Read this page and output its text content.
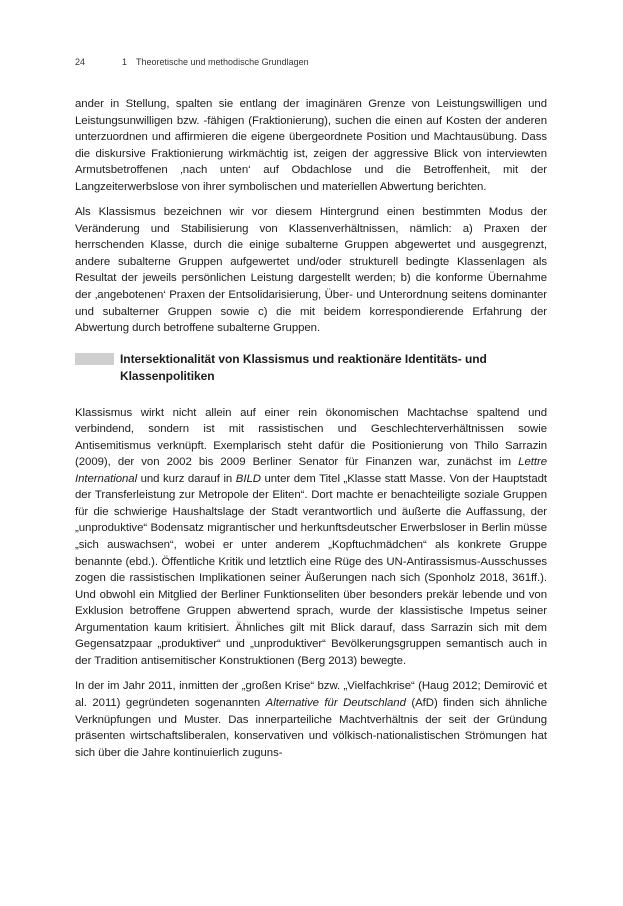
24	1 Theoretische und methodische Grundlagen

ander in Stellung, spalten sie entlang der imaginären Grenze von Leistungswilligen und Leistungsunwilligen bzw. -fähigen (Fraktionierung), suchen die einen auf Kosten der anderen unterzuordnen und affirmieren die eigene übergeordnete Position und Machtausübung. Dass die diskursive Fraktionierung wirkmächtig ist, zeigen der aggressive Blick von interviewten Armutsbetroffenen ‚nach unten‘ auf Obdachlose und die Betroffenheit, mit der Langzeiterwerbslose von ihrer symbolischen und materiellen Abwertung berichten.

Als Klassismus bezeichnen wir vor diesem Hintergrund einen bestimmten Modus der Veränderung und Stabilisierung von Klassenverhältnissen, nämlich: a) Praxen der herrschenden Klasse, durch die einige subalterne Gruppen abgewertet und ausgegrenzt, andere subalterne Gruppen aufgewertet und/oder strukturell bedingte Klassenlagen als Resultat der jeweils persönlichen Leistung dargestellt werden; b) die konforme Übernahme der ‚angebotenen‘ Praxen der Entsolidarisierung, Über- und Unterordnung seitens dominanter und subalterner Gruppen sowie c) die mit beidem korrespondierende Erfahrung der Abwertung durch betroffene subalterne Gruppen.

Intersektionalität von Klassismus und reaktionäre Identitäts- und Klassenpolitiken

Klassismus wirkt nicht allein auf einer rein ökonomischen Machtachse spaltend und verbindend, sondern ist mit rassistischen und Geschlechterverhältnissen sowie Antisemitismus verknüpft. Exemplarisch steht dafür die Positionierung von Thilo Sarrazin (2009), der von 2002 bis 2009 Berliner Senator für Finanzen war, zunächst im Lettre International und kurz darauf in BILD unter dem Titel „Klasse statt Masse. Von der Hauptstadt der Transferleistung zur Metropole der Eliten“. Dort machte er benachteiligte soziale Gruppen für die schwierige Haushaltslage der Stadt verantwortlich und äußerte die Auffassung, der „unproduktive“ Bodensatz migrantischer und herkunftsdeutscher Erwerbsloser in Berlin müsse „sich auswachsen“, wobei er unter anderem „Kopftuchmädchen“ als konkrete Gruppe benannte (ebd.). Öffentliche Kritik und letztlich eine Rüge des UN-Antirassismus-Ausschusses zogen die rassistischen Implikationen seiner Äußerungen nach sich (Sponholz 2018, 361ff.). Und obwohl ein Mitglied der Berliner Funktionseliten über besonders prekär lebende und von Exklusion betroffene Gruppen abwertend sprach, wurde der klassistische Impetus seiner Argumentation kaum kritisiert. Ähnliches gilt mit Blick darauf, dass Sarrazin sich mit dem Gegensatzpaar „produktiver“ und „unproduktiver“ Bevölkerungsgruppen semantisch auch in der Tradition antisemitischer Konstruktionen (Berg 2013) bewegte.

In der im Jahr 2011, inmitten der „großen Krise“ bzw. „Vielfachkrise“ (Haug 2012; Demirović et al. 2011) gegründeten sogenannten Alternative für Deutschland (AfD) finden sich ähnliche Verknüpfungen und Muster. Das innerparteiliche Machtverhältnis der seit der Gründung präsenten wirtschaftsliberalen, konservativen und völkisch-nationalistischen Strömungen hat sich über die Jahre kontinuierlich zuguns-
